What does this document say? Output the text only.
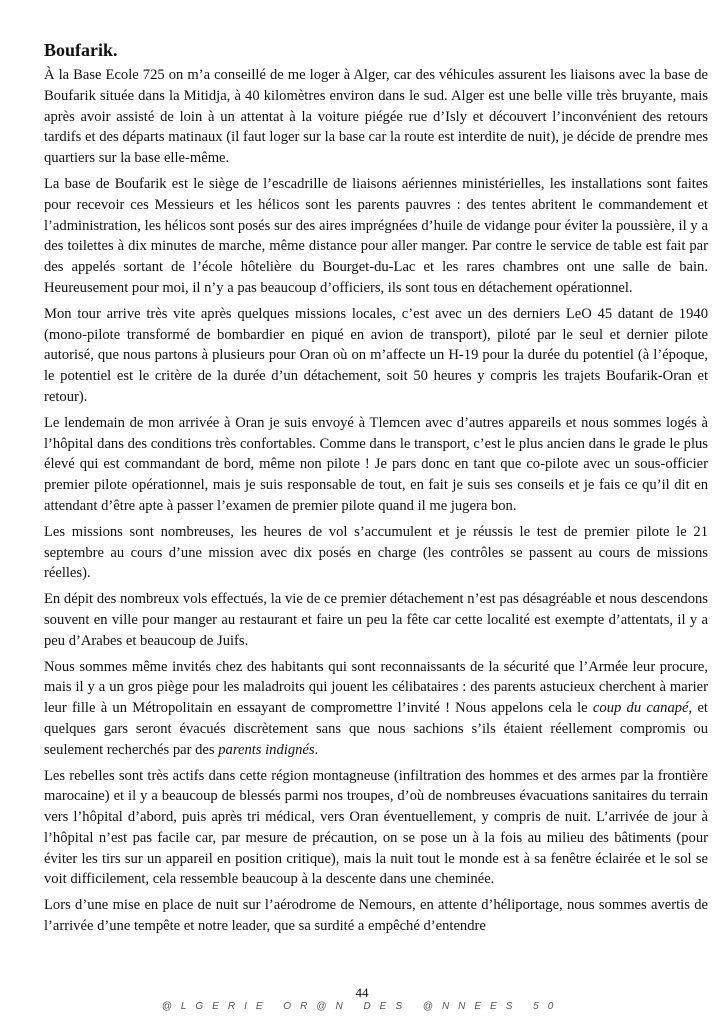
Boufarik.

À la Base Ecole 725 on m’a conseillé de me loger à Alger, car des véhicules assurent les liaisons avec la base de Boufarik située dans la Mitidja, à 40 kilomètres environ dans le sud. Alger est une belle ville très bruyante, mais après avoir assisté de loin à un attentat à la voiture piégée rue d’Isly et découvert l’inconvénient des retours tardifs et des départs matinaux (il faut loger sur la base car la route est interdite de nuit), je décide de prendre mes quartiers sur la base elle-même.

La base de Boufarik est le siège de l’escadrille de liaisons aériennes ministérielles, les installations sont faites pour recevoir ces Messieurs et les hélicos sont les parents pauvres : des tentes abritent le commandement et l’administration, les hélicos sont posés sur des aires imprégnées d’huile de vidange pour éviter la poussière, il y a des toilettes à dix minutes de marche, même distance pour aller manger. Par contre le service de table est fait par des appelés sortant de l’école hôtelière du Bourget-du-Lac et les rares chambres ont une salle de bain. Heureusement pour moi, il n’y a pas beaucoup d’officiers, ils sont tous en détachement opérationnel.

Mon tour arrive très vite après quelques missions locales, c’est avec un des derniers LeO 45 datant de 1940 (mono-pilote transformé de bombardier en piqué en avion de transport), piloté par le seul et dernier pilote autorisé, que nous partons à plusieurs pour Oran où on m’affecte un H-19 pour la durée du potentiel (à l’époque, le potentiel est le critère de la durée d’un détachement, soit 50 heures y compris les trajets Boufarik-Oran et retour).

Le lendemain de mon arrivée à Oran je suis envoyé à Tlemcen avec d’autres appareils et nous sommes logés à l’hôpital dans des conditions très confortables. Comme dans le transport, c’est le plus ancien dans le grade le plus élevé qui est commandant de bord, même non pilote ! Je pars donc en tant que co-pilote avec un sous-officier premier pilote opérationnel, mais je suis responsable de tout, en fait je suis ses conseils et je fais ce qu’il dit en attendant d’être apte à passer l’examen de premier pilote quand il me jugera bon.

Les missions sont nombreuses, les heures de vol s’accumulent et je réussis le test de premier pilote le 21 septembre au cours d’une mission avec dix posés en charge (les contrôles se passent au cours de missions réelles).

En dépit des nombreux vols effectués, la vie de ce premier détachement n’est pas désagréable et nous descendons souvent en ville pour manger au restaurant et faire un peu la fête car cette localité est exempte d’attentats, il y a peu d’Arabes et beaucoup de Juifs.

Nous sommes même invités chez des habitants qui sont reconnaissants de la sécurité que l’Armée leur procure, mais il y a un gros piège pour les maladroits qui jouent les célibataires : des parents astucieux cherchent à marier leur fille à un Métropolitain en essayant de compromettre l’invité ! Nous appelons cela le coup du canapé, et quelques gars seront évacués discrètement sans que nous sachions s’ils étaient réellement compromis ou seulement recherchés par des parents indignés.

Les rebelles sont très actifs dans cette région montagneuse (infiltration des hommes et des armes par la frontière marocaine) et il y a beaucoup de blessés parmi nos troupes, d’où de nombreuses évacuations sanitaires du terrain vers l’hôpital d’abord, puis après tri médical, vers Oran éventuellement, y compris de nuit. L’arrivée de jour à l’hôpital n’est pas facile car, par mesure de précaution, on se pose un à la fois au milieu des bâtiments (pour éviter les tirs sur un appareil en position critique), mais la nuit tout le monde est à sa fenêtre éclairée et le sol se voit difficilement, cela ressemble beaucoup à la descente dans une cheminée.

Lors d’une mise en place de nuit sur l’aérodrome de Nemours, en attente d’héliportage, nous sommes avertis de l’arrivée d’une tempête et notre leader, que sa surdité a empêché d’entendre

44
@LGERIE OR@N DES @NNEES 50
